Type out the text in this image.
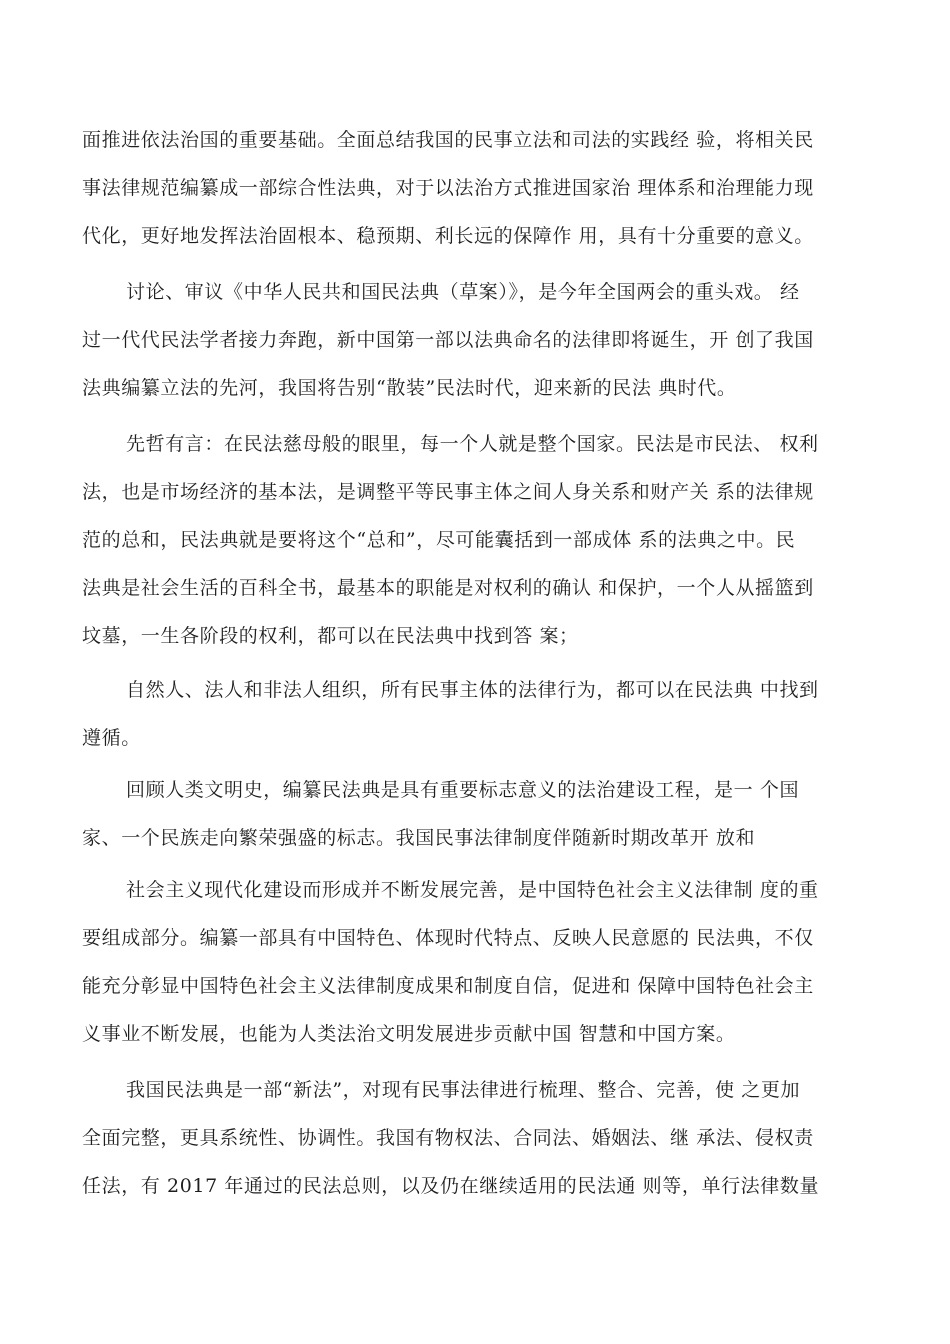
面推进依法治国的重要基础。全面总结我国的民事立法和司法的实践经 验，将相关民
事法律规范编纂成一部综合性法典，对于以法治方式推进国家治 理体系和治理能力现
代化，更好地发挥法治固根本、稳预期、利长远的保障作 用，具有十分重要的意义。
讨论、审议《中华人民共和国民法典（草案）》，是今年全国两会的重头戏。 经
过一代代民法学者接力奔跑，新中国第一部以法典命名的法律即将诞生，开 创了我国
法典编纂立法的先河，我国将告别“散装”民法时代，迎来新的民法 典时代。
先哲有言：在民法慈母般的眼里，每一个人就是整个国家。民法是市民法、 权利
法，也是市场经济的基本法，是调整平等民事主体之间人身关系和财产关 系的法律规
范的总和，民法典就是要将这个“总和”，尽可能囊括到一部成体 系的法典之中。民
法典是社会生活的百科全书，最基本的职能是对权利的确认 和保护，一个人从摇篮到
坟墓，一生各阶段的权利，都可以在民法典中找到答 案；
自然人、法人和非法人组织，所有民事主体的法律行为，都可以在民法典 中找到
遵循。
回顾人类文明史，编纂民法典是具有重要标志意义的法治建设工程，是一 个国
家、一个民族走向繁荣强盛的标志。我国民事法律制度伴随新时期改革开 放和
社会主义现代化建设而形成并不断发展完善，是中国特色社会主义法律制 度的重
要组成部分。编纂一部具有中国特色、体现时代特点、反映人民意愿的 民法典，不仅
能充分彰显中国特色社会主义法律制度成果和制度自信，促进和 保障中国特色社会主
义事业不断发展，也能为人类法治文明发展进步贡献中国 智慧和中国方案。
我国民法典是一部“新法”，对现有民事法律进行梳理、整合、完善，使 之更加
全面完整，更具系统性、协调性。我国有物权法、合同法、婚姻法、继 承法、侵权责
任法，有 2017 年通过的民法总则，以及仍在继续适用的民法通 则等，单行法律数量
